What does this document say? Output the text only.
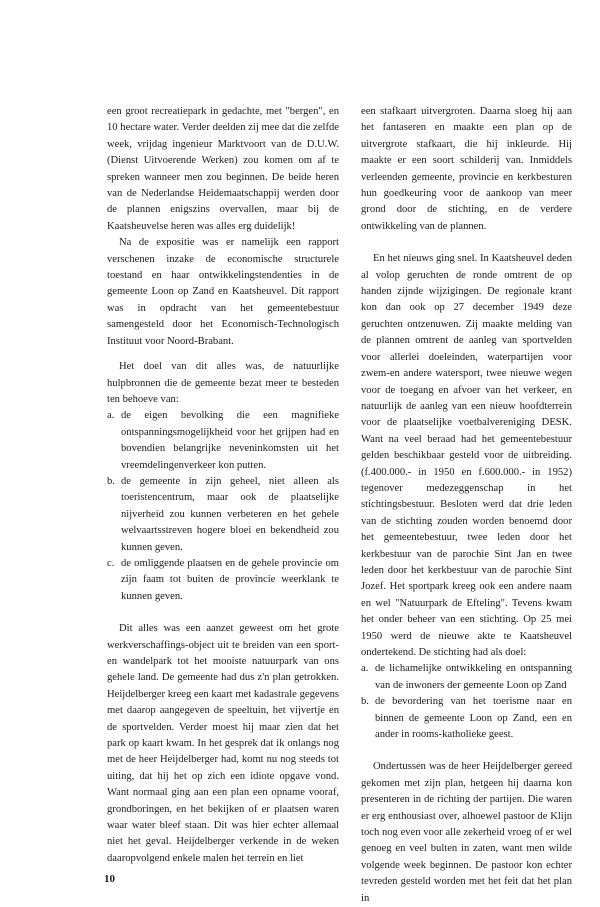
een groot recreatiepark in gedachte, met "bergen", en 10 hectare water. Verder deelden zij mee dat die zelfde week, vrijdag ingenieur Marktvoort van de D.U.W. (Dienst Uitvoerende Werken) zou komen om af te spreken wanneer men zou beginnen. De beide heren van de Nederlandse Heidemaatschappij werden door de plannen enigszins overvallen, maar bij de Kaatsheuvelse heren was alles erg duidelijk!

Na de expositie was er namelijk een rapport verschenen inzake de economische structurele toestand en haar ontwikkelingstendenties in de gemeente Loon op Zand en Kaatsheuvel. Dit rapport was in opdracht van het gemeentebestuur samengesteld door het Economisch-Technologisch Instituut voor Noord-Brabant.

Het doel van dit alles was, de natuurlijke hulpbronnen die de gemeente bezat meer te besteden ten behoeve van:

a. de eigen bevolking die een magnifieke ontspanningsmogelijkheid voor het grijpen had en bovendien belangrijke neveninkomsten uit het vreemdelingenverkeer kon putten.
b. de gemeente in zijn geheel, niet alleen als toeristencentrum, maar ook de plaatselijke nijverheid zou kunnen verbeteren en het gehele welvaartsstreven hogere bloei en bekendheid zou kunnen geven.
c. de omliggende plaatsen en de gehele provincie om zijn faam tot buiten de provincie weerklank te kunnen geven.

Dit alles was een aanzet geweest om het grote werkverschaffings-object uit te breiden van een sport-en wandelpark tot het mooiste natuurpark van ons gehele land. De gemeente had dus z'n plan getrokken. Heijdelberger kreeg een kaart met kadastrale gegevens met daarop aangegeven de speeltuin, het vijvertje en de sportvelden. Verder moest hij maar zien dat het park op kaart kwam. In het gesprek dat ik onlangs nog met de heer Heijdelberger had, komt nu nog steeds tot uiting, dat hij het op zich een idiote opgave vond. Want normaal ging aan een plan een opname vooraf, grondboringen, en het bekijken of er plaatsen waren waar water bleef staan. Dit was hier echter allemaal niet het geval. Heijdelberger verkende in de weken daaropvolgend enkele malen het terrein en liet

een stafkaart uitvergroten. Daarna sloeg hij aan het fantaseren en maakte een plan op de uitvergrote stafkaart, die hij inkleurde. Hij maakte er een soort schilderij van. Inmiddels verleenden gemeente, provincie en kerkbesturen hun goedkeuring voor de aankoop van meer grond door de stichting, en de verdere ontwikkeling van de plannen.

En het nieuws ging snel. In Kaatsheuvel deden al volop geruchten de ronde omtrent de op handen zijnde wijzigingen. De regionale krant kon dan ook op 27 december 1949 deze geruchten ontzenuwen. Zij maakte melding van de plannen omtrent de aanleg van sportvelden voor allerlei doeleinden, waterpartijen voor zwem-en andere watersport, twee nieuwe wegen voor de toegang en afvoer van het verkeer, en natuurlijk de aanleg van een nieuw hoofdterrein voor de plaatselijke voetbalvereniging DESK. Want na veel beraad had het gemeentebestuur gelden beschikbaar gesteld voor de uitbreiding. (f.400.000.- in 1950 en f.600.000.- in 1952) tegenover medezeggenschap in het stichtingsbestuur. Besloten werd dat drie leden van de stichting zouden worden benoemd door het gemeentebestuur, twee leden door het kerkbestuur van de parochie Sint Jan en twee leden door het kerkbestuur van de parochie Sint Jozef. Het sportpark kreeg ook een andere naam en wel "Natuurpark de Efteling". Tevens kwam het onder beheer van een stichting. Op 25 mei 1950 werd de nieuwe akte te Kaatsheuvel ondertekend. De stichting had als doel:

a. de lichamelijke ontwikkeling en ontspanning van de inwoners der gemeente Loon op Zand
b. de bevordering van het toerisme naar en binnen de gemeente Loon op Zand, een en ander in rooms-katholieke geest.

Ondertussen was de heer Heijdelberger gereed gekomen met zijn plan, hetgeen hij daarna kon presenteren in de richting der partijen. Die waren er erg enthousiast over, alhoewel pastoor de Klijn toch nog even voor alle zekerheid vroeg of er wel genoeg en veel bulten in zaten, want men wilde volgende week beginnen. De pastoor kon echter tevreden gesteld worden met het feit dat het plan in

10
